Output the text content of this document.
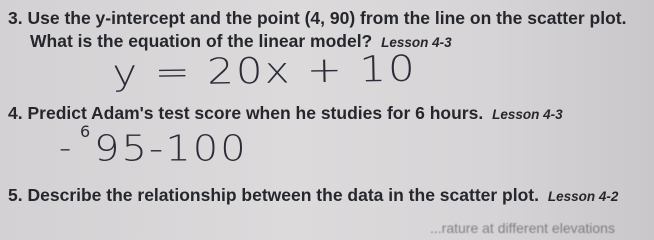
3. Use the y-intercept and the point (4, 90) from the line on the scatter plot.
What is the equation of the linear model? Lesson 4-3
y = 20x + 10
4. Predict Adam's test score when he studies for 6 hours. Lesson 4-3
- 6 95-100
5. Describe the relationship between the data in the scatter plot. Lesson 4-2
...rature at different elevations
